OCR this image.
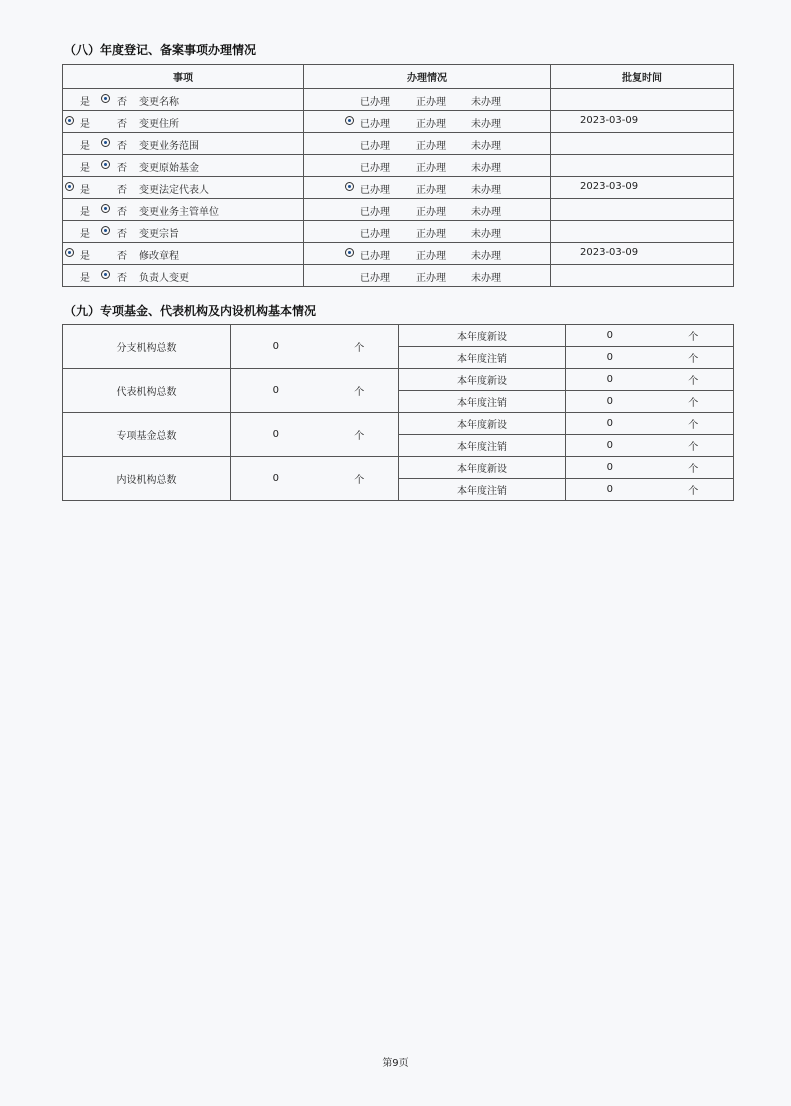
（八）年度登记、备案事项办理情况
事项	办理情况	批复时间

是 否 变更名称	已办理 正办理 未办理	

是 否 变更住所	已办理 正办理 未办理	2023-03-09

是 否 变更业务范围	已办理 正办理 未办理	

是 否 变更原始基金	已办理 正办理 未办理	

是 否 变更法定代表人	已办理 正办理 未办理	2023-03-09

是 否 变更业务主管单位	已办理 正办理 未办理	

是 否 变更宗旨	已办理 正办理 未办理	

是 否 修改章程	已办理 正办理 未办理	2023-03-09

是 否 负责人变更	已办理 正办理 未办理	

（九）专项基金、代表机构及内设机构基本情况
分支机构总数	0	个	本年度新设	0	个
			本年度注销	0	个
代表机构总数	0	个	本年度新设	0	个
			本年度注销	0	个
专项基金总数	0	个	本年度新设	0	个
			本年度注销	0	个
内设机构总数	0	个	本年度新设	0	个
			本年度注销	0	个
第9页
